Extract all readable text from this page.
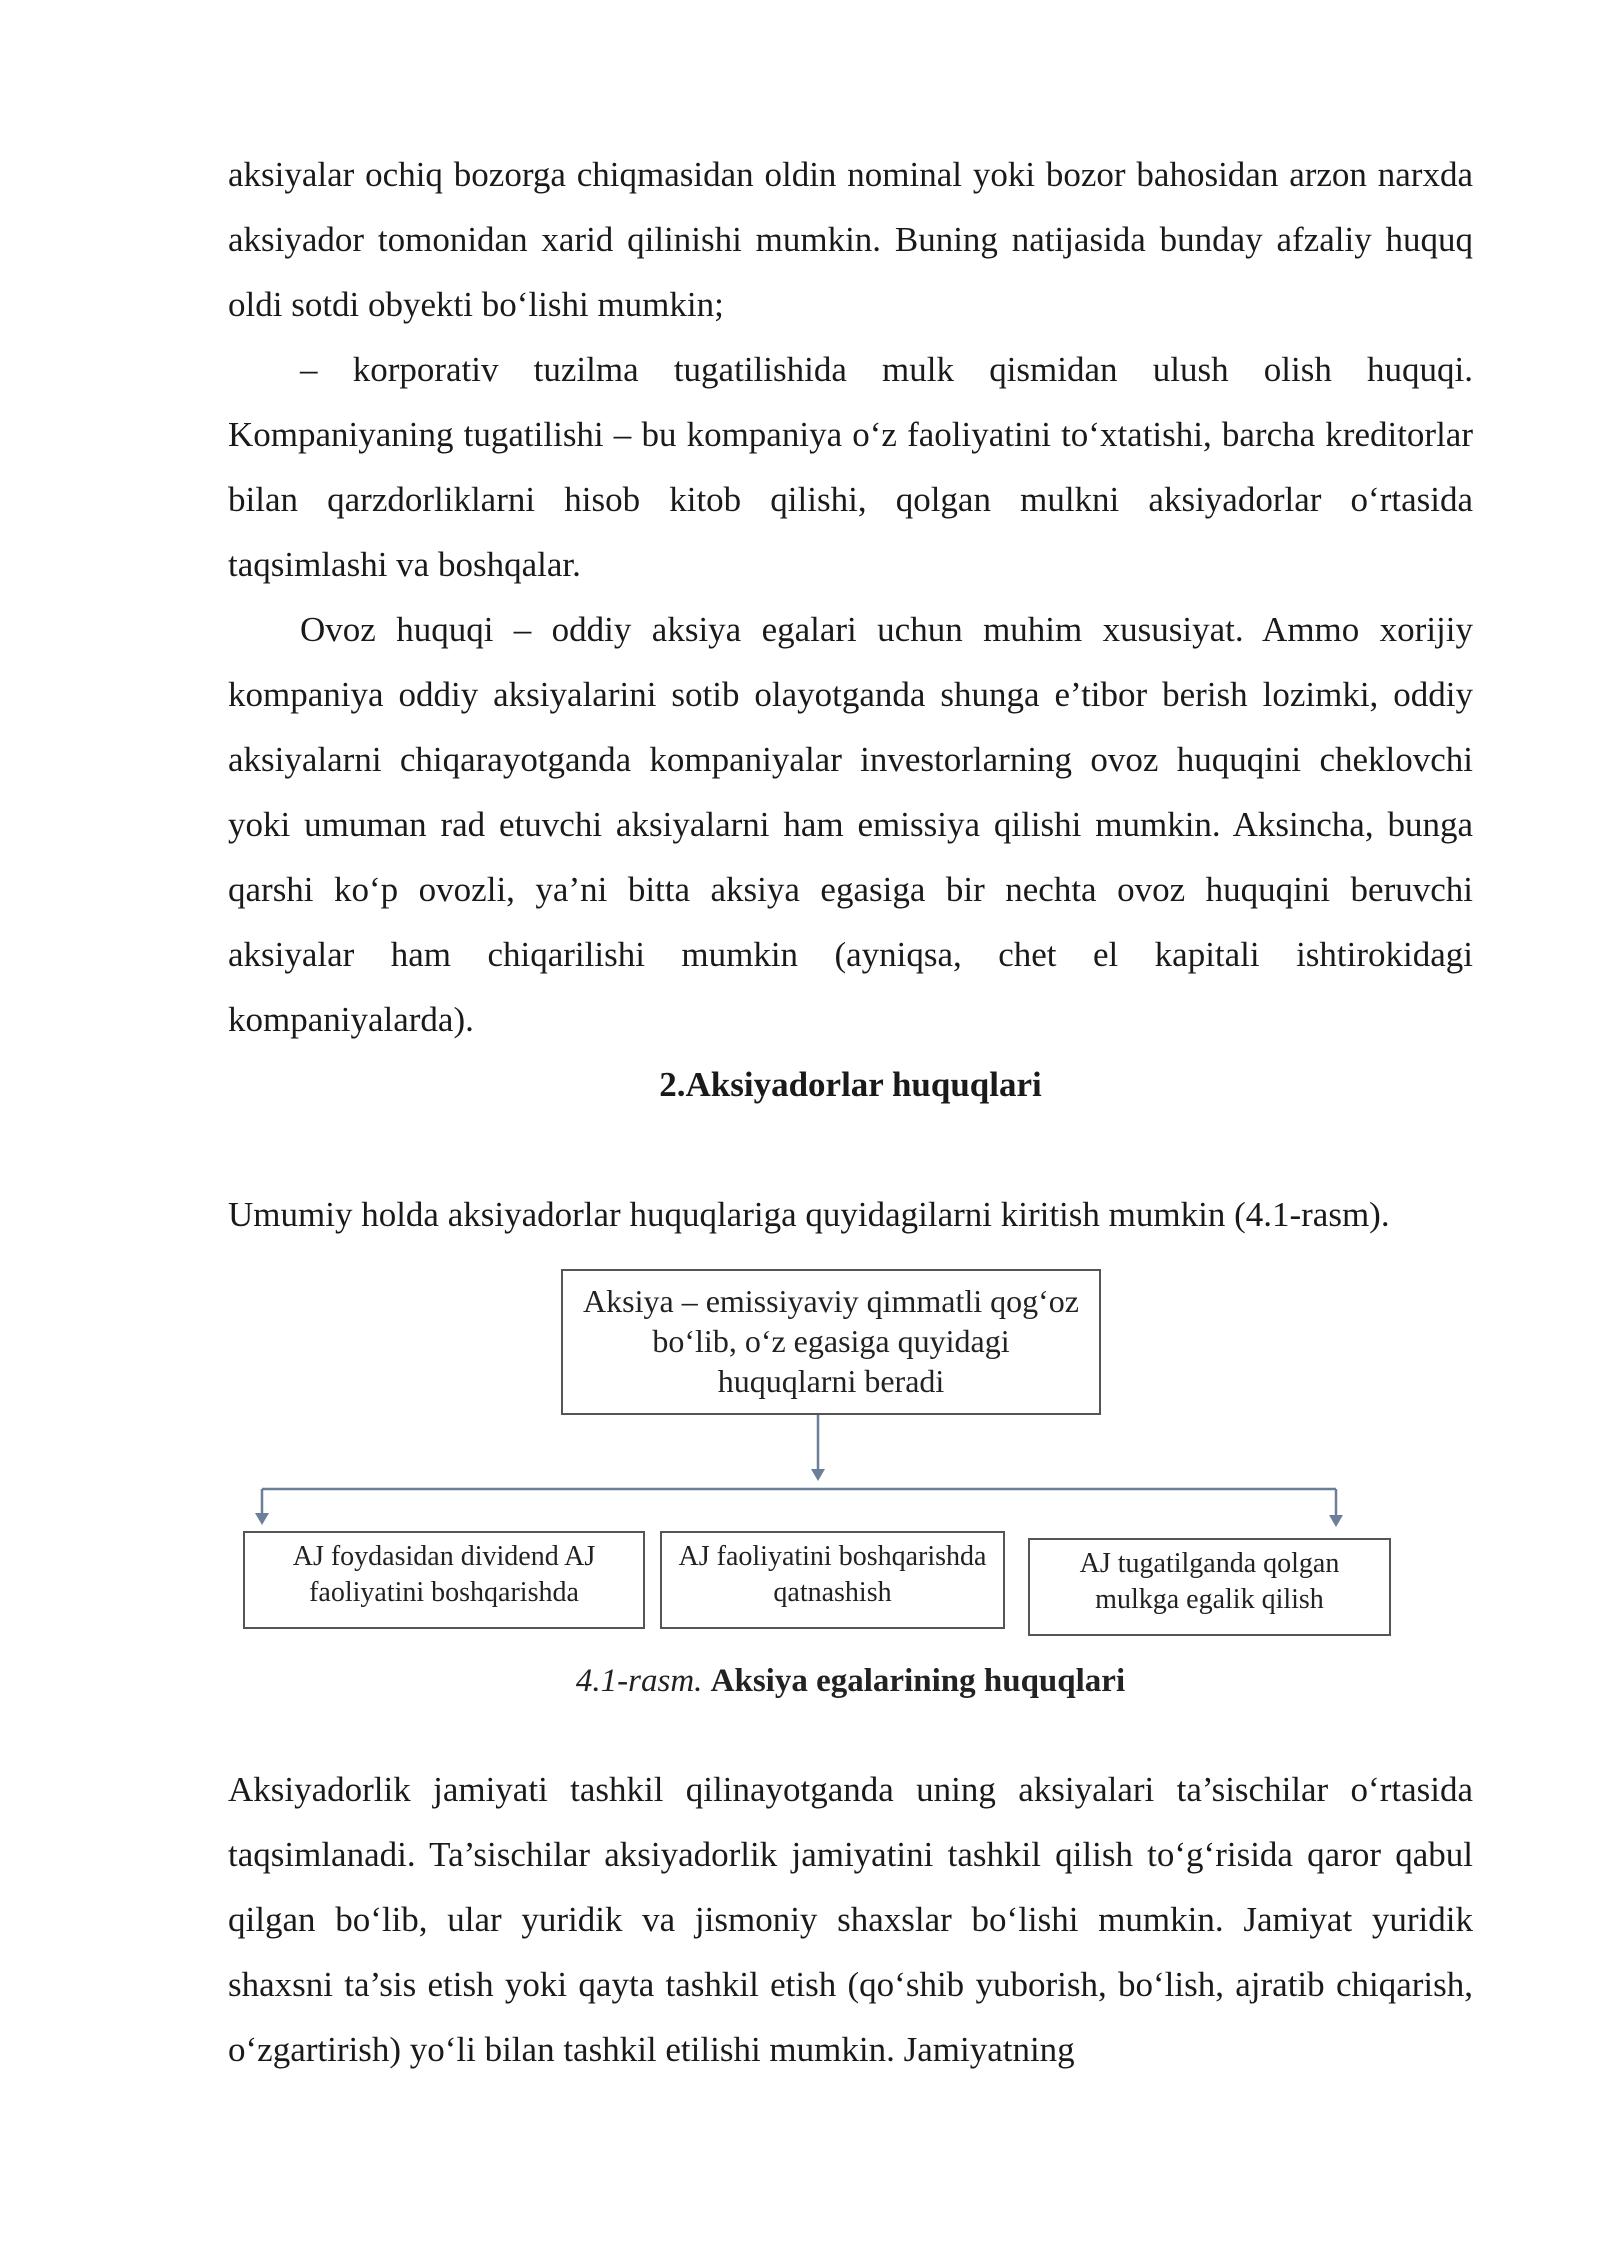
aksiyalar ochiq bozorga chiqmasidan oldin nominal yoki bozor bahosidan arzon narxda aksiyador tomonidan xarid qilinishi mumkin. Buning natijasida bunday afzaliy huquq oldi sotdi obyekti bo‘lishi mumkin;

– korporativ tuzilma tugatilishida mulk qismidan ulush olish huquqi. Kompaniyaning tugatilishi – bu kompaniya o‘z faoliyatini to‘xtatishi, barcha kreditorlar bilan qarzdorliklarni hisob kitob qilishi, qolgan mulkni aksiyadorlar o‘rtasida taqsimlashi va boshqalar.

Ovoz huquqi – oddiy aksiya egalari uchun muhim xususiyat. Ammo xorijiy kompaniya oddiy aksiyalarini sotib olayotganda shunga e’tibor berish lozimki, oddiy aksiyalarni chiqarayotganda kompaniyalar investorlarning ovoz huquqini cheklovchi yoki umuman rad etuvchi aksiyalarni ham emissiya qilishi mumkin. Aksincha, bunga qarshi ko‘p ovozli, ya’ni bitta aksiya egasiga bir nechta ovoz huquqini beruvchi aksiyalar ham chiqarilishi mumkin (ayniqsa, chet el kapitali ishtirokidagi kompaniyalarda).

2.Aksiyadorlar huquqlari

Umumiy holda aksiyadorlar huquqlariga quyidagilarni kiritish mumkin (4.1-rasm).

Aksiya – emissiyaviy qimmatli qog‘oz bo‘lib, o‘z egasiga quyidagi huquqlarni beradi
AJ foydasidan dividend AJ faoliyatini boshqarishda
AJ faoliyatini boshqarishda qatnashish
AJ tugatilganda qolgan mulkga egalik qilish
4.1-rasm. Aksiya egalarining huquqlari

Aksiyadorlik jamiyati tashkil qilinayotganda uning aksiyalari ta’sischilar o‘rtasida taqsimlanadi. Ta’sischilar aksiyadorlik jamiyatini tashkil qilish to‘g‘risida qaror qabul qilgan bo‘lib, ular yuridik va jismoniy shaxslar bo‘lishi mumkin. Jamiyat yuridik shaxsni ta’sis etish yoki qayta tashkil etish (qo‘shib yuborish, bo‘lish, ajratib chiqarish, o‘zgartirish) yo‘li bilan tashkil etilishi mumkin. Jamiyatning
